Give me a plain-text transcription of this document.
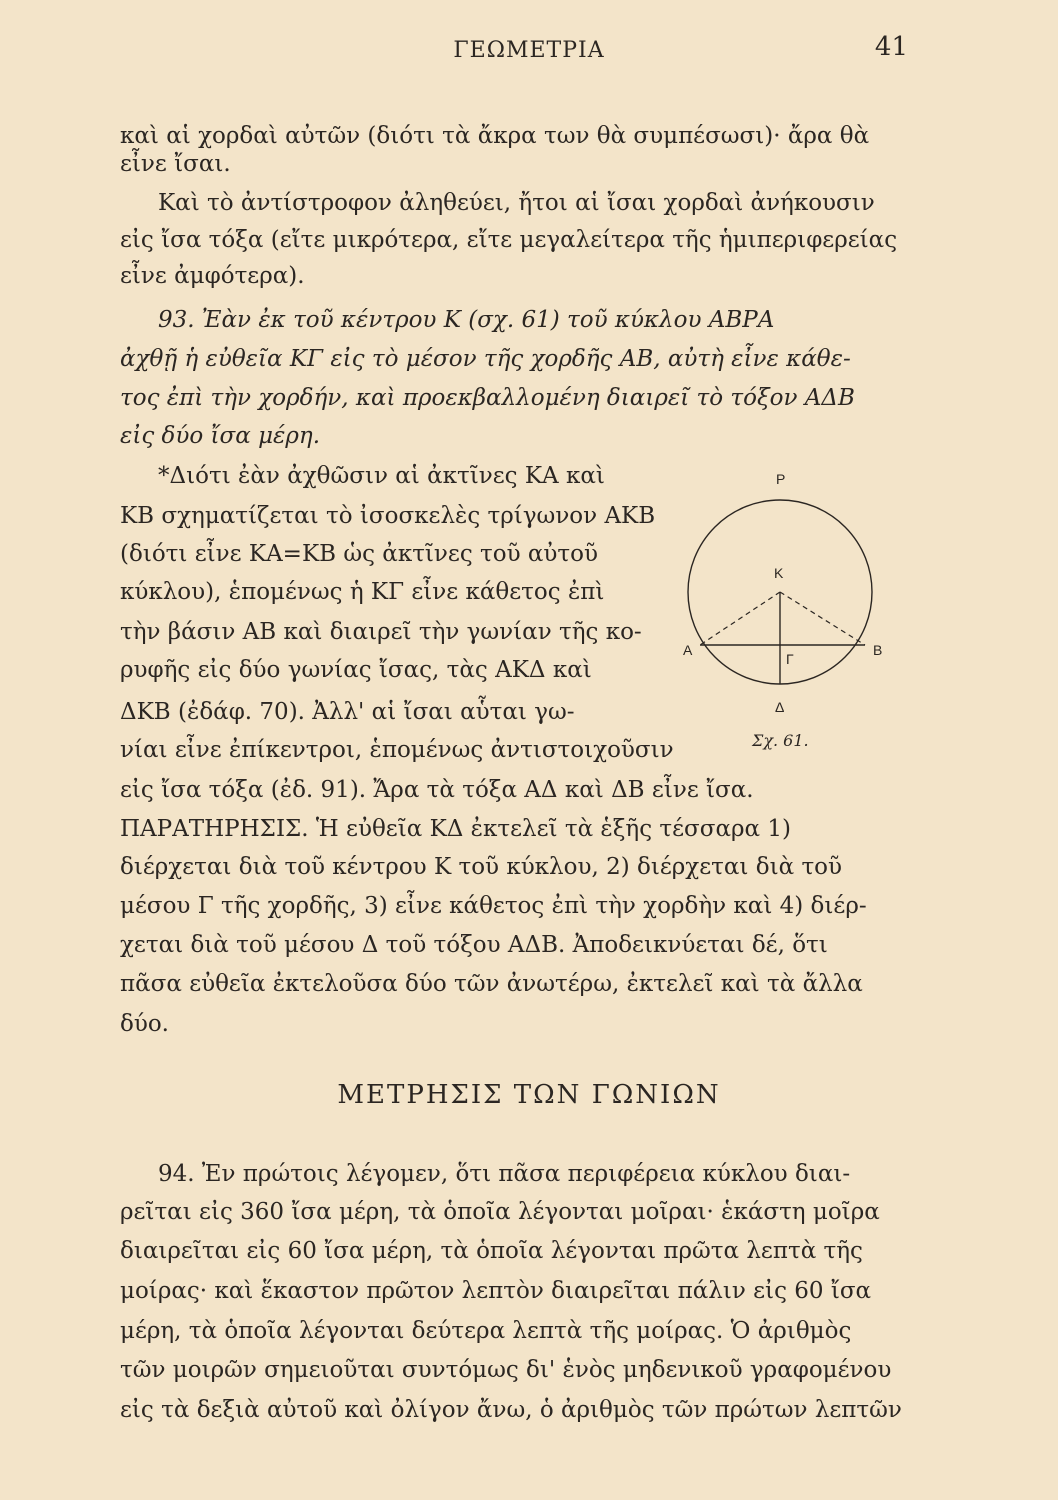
ΓΕΩΜΕΤΡΙΑ	41
καὶ αἱ χορδαὶ αὐτῶν (διότι τὰ ἄκρα των θὰ συμπέσωσι)· ἄρα θὰ
εἶνε ἴσαι.
Καὶ τὸ ἀντίστροφον ἀληθεύει, ἤτοι αἱ ἴσαι χορδαὶ ἀνήκουσιν
εἰς ἴσα τόξα (εἴτε μικρότερα, εἴτε μεγαλείτερα τῆς ἡμιπεριφερείας
εἶνε ἀμφότερα).
93. Ἐὰν ἐκ τοῦ κέντρου Κ (σχ. 61) τοῦ κύκλου ΑΒΡΑ
ἀχθῇ ἡ εὐθεῖα ΚΓ εἰς τὸ μέσον τῆς χορδῆς ΑΒ, αὐτὴ εἶνε κάθε-
τος ἐπὶ τὴν χορδήν, καὶ προεκβαλλομένη διαιρεῖ τὸ τόξον ΑΔΒ
εἰς δύο ἴσα μέρη.
*Διότι ἐὰν ἀχθῶσιν αἱ ἀκτῖνες ΚΑ καὶ
ΚΒ σχηματίζεται τὸ ἰσοσκελὲς τρίγωνον ΑΚΒ
(διότι εἶνε ΚΑ=ΚΒ ὡς ἀκτῖνες τοῦ αὐτοῦ
κύκλου), ἑπομένως ἡ ΚΓ εἶνε κάθετος ἐπὶ
τὴν βάσιν ΑΒ καὶ διαιρεῖ τὴν γωνίαν τῆς κο-
ρυφῆς εἰς δύο γωνίας ἴσας, τὰς ΑΚΔ καὶ
ΔΚΒ (ἐδάφ. 70). Ἀλλ' αἱ ἴσαι αὗται γω-
νίαι εἶνε ἐπίκεντροι, ἑπομένως ἀντιστοιχοῦσιν
εἰς ἴσα τόξα (ἐδ. 91). Ἄρα τὰ τόξα ΑΔ καὶ ΔΒ εἶνε ἴσα.
ΠΑΡΑΤΗΡΗΣΙΣ. Ἡ εὐθεῖα ΚΔ ἐκτελεῖ τὰ ἑξῆς τέσσαρα 1)
διέρχεται διὰ τοῦ κέντρου Κ τοῦ κύκλου, 2) διέρχεται διὰ τοῦ
μέσου Γ τῆς χορδῆς, 3) εἶνε κάθετος ἐπὶ τὴν χορδὴν καὶ 4) διέρ-
χεται διὰ τοῦ μέσου Δ τοῦ τόξου ΑΔΒ. Ἀποδεικνύεται δέ, ὅτι
πᾶσα εὐθεῖα ἐκτελοῦσα δύο τῶν ἀνωτέρω, ἐκτελεῖ καὶ τὰ ἄλλα
δύο.
ΜΕΤΡΗΣΙΣ ΤΩΝ ΓΩΝΙΩΝ
94. Ἐν πρώτοις λέγομεν, ὅτι πᾶσα περιφέρεια κύκλου διαι-
ρεῖται εἰς 360 ἴσα μέρη, τὰ ὁποῖα λέγονται μοῖραι· ἑκάστη μοῖρα
διαιρεῖται εἰς 60 ἴσα μέρη, τὰ ὁποῖα λέγονται πρῶτα λεπτὰ τῆς
μοίρας· καὶ ἕκαστον πρῶτον λεπτὸν διαιρεῖται πάλιν εἰς 60 ἴσα
μέρη, τὰ ὁποῖα λέγονται δεύτερα λεπτὰ τῆς μοίρας. Ὁ ἀριθμὸς
τῶν μοιρῶν σημειοῦται συντόμως δι' ἑνὸς μηδενικοῦ γραφομένου
εἰς τὰ δεξιὰ αὐτοῦ καὶ ὀλίγον ἄνω, ὁ ἀριθμὸς τῶν πρώτων λεπτῶν
Ρ
Κ
Α	Β
Γ
Δ
Σχ. 61.
